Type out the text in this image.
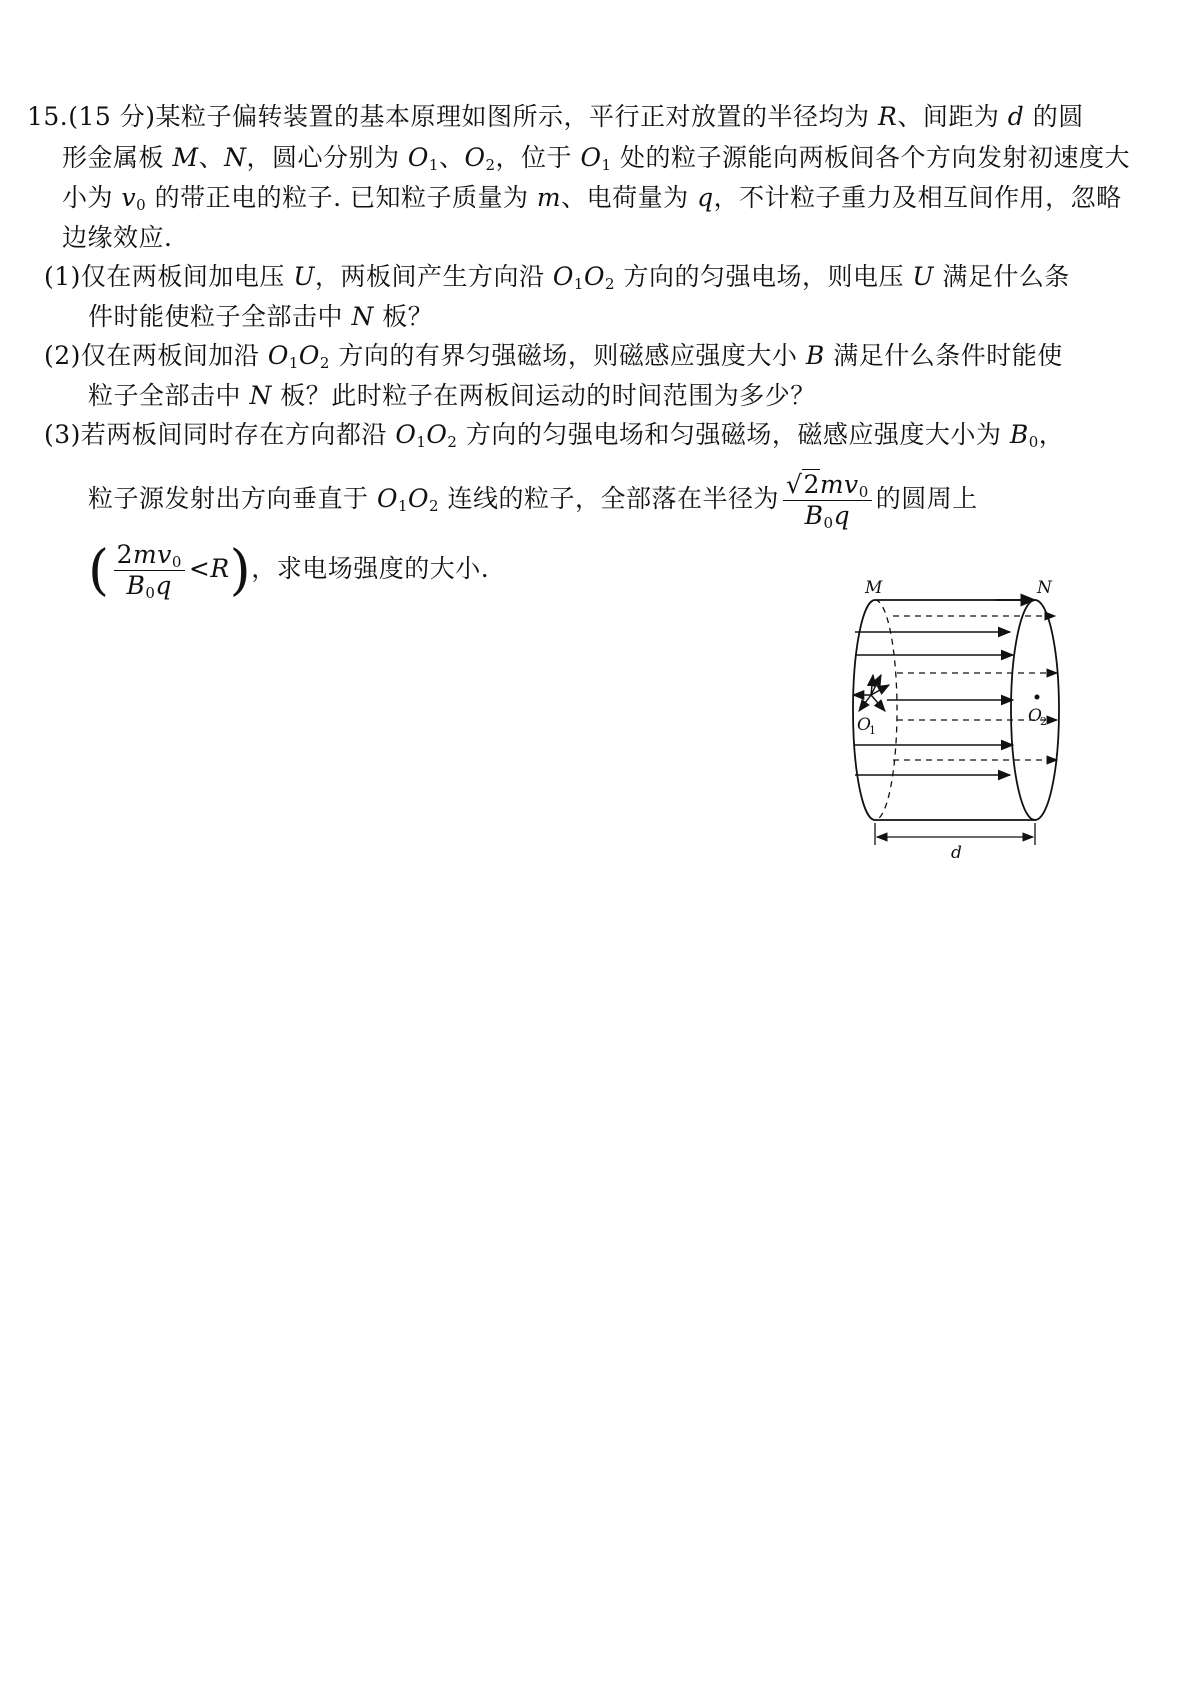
15.(15 分)某粒子偏转装置的基本原理如图所示，平行正对放置的半径均为 R、间距为 d 的圆
形金属板 M、N，圆心分别为 $O_1$、$O_2$，位于 $O_1$ 处的粒子源能向两板间各个方向发射初速度大
小为 $v_0$ 的带正电的粒子. 已知粒子质量为 m、电荷量为 q，不计粒子重力及相互间作用，忽略
边缘效应.
(1)仅在两板间加电压 U，两板间产生方向沿 $O_1O_2$ 方向的匀强电场，则电压 U 满足什么条
件时能使粒子全部击中 N 板？
(2)仅在两板间加沿 $O_1O_2$ 方向的有界匀强磁场，则磁感应强度大小 B 满足什么条件时能使
粒子全部击中 N 板？此时粒子在两板间运动的时间范围为多少？
(3)若两板间同时存在方向都沿 $O_1O_2$ 方向的匀强电场和匀强磁场，磁感应强度大小为 $B_0$，
粒子源发射出方向垂直于 $O_1O_2$ 连线的粒子，全部落在半径为 $\frac{√2mv_0}{B_0q}$ 的圆周上
( $\frac{2mv_0}{B_0q} <R$)，求电场强度的大小.
M	N
O
1
O
2
d
